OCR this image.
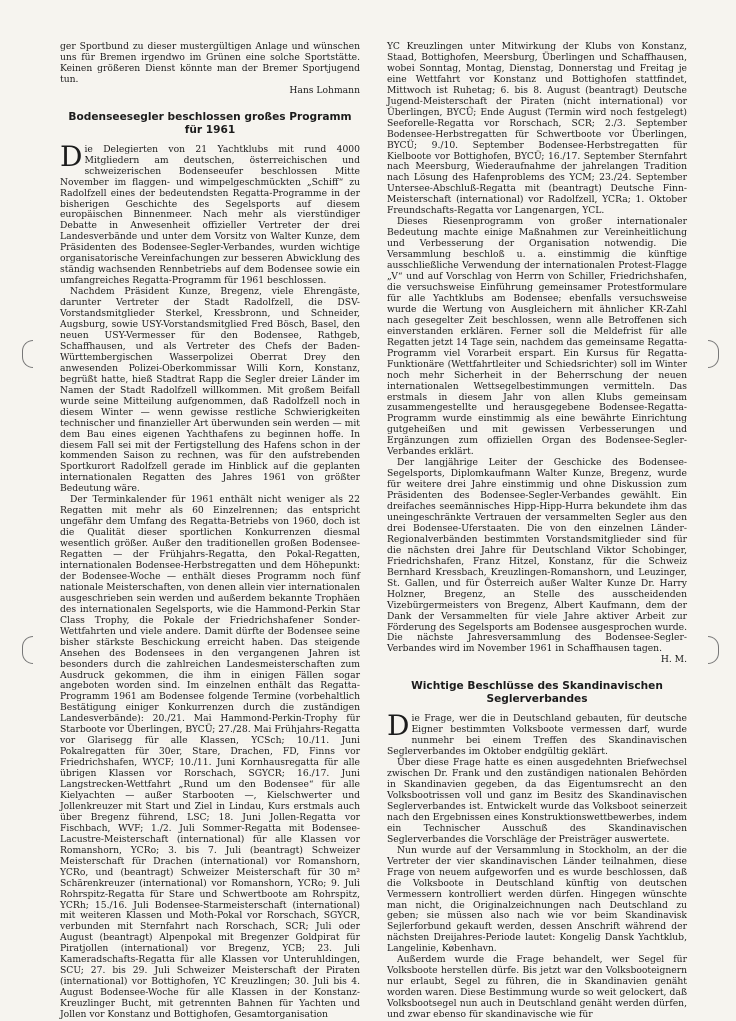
ger Sportbund zu dieser mustergültigen Anlage und wünschen uns für Bremen irgendwo im Grünen eine solche Sportstätte. Keinen größeren Dienst könnte man der Bremer Sportjugend tun.

Hans Lohmann

Bodenseesegler beschlossen großes Programm für 1961

Die Delegierten von 21 Yachtklubs mit rund 4000 Mitgliedern am deutschen, österreichischen und schweizerischen Bodenseeufer beschlossen Mitte November im flaggen- und wimpelgeschmückten „Schiff“ zu Radolfzell eines der bedeutendsten Regatta-Programme in der bisherigen Geschichte des Segelsports auf diesem europäischen Binnenmeer. Nach mehr als vierstündiger Debatte in Anwesenheit offizieller Vertreter der drei Landesverbände und unter dem Vorsitz von Walter Kunze, dem Präsidenten des Bodensee-Segler-Verbandes, wurden wichtige organisatorische Vereinfachungen zur besseren Abwicklung des ständig wachsenden Rennbetriebs auf dem Bodensee sowie ein umfangreiches Regatta-Programm für 1961 beschlossen.

Nachdem Präsident Kunze, Bregenz, viele Ehrengäste, darunter Vertreter der Stadt Radolfzell, die DSV-Vorstandsmitglieder Sterkel, Kressbronn, und Schneider, Augsburg, sowie USY-Vorstandsmitglied Fred Bösch, Basel, den neuen USY-Vermesser für den Bodensee, Rathgeb, Schaffhausen, und als Vertreter des Chefs der Baden-Württembergischen Wasserpolizei Oberrat Drey den anwesenden Polizei-Oberkommissar Willi Korn, Konstanz, begrüßt hatte, hieß Stadtrat Rapp die Segler dreier Länder im Namen der Stadt Radolfzell willkommen. Mit großem Beifall wurde seine Mitteilung aufgenommen, daß Radolfzell noch in diesem Winter — wenn gewisse restliche Schwierigkeiten technischer und finanzieller Art überwunden sein werden — mit dem Bau eines eigenen Yachthafens zu beginnen hoffe. In diesem Fall sei mit der Fertigstellung des Hafens schon in der kommenden Saison zu rechnen, was für den aufstrebenden Sportkurort Radolfzell gerade im Hinblick auf die geplanten internationalen Regatten des Jahres 1961 von größter Bedeutung wäre.

Der Terminkalender für 1961 enthält nicht weniger als 22 Regatten mit mehr als 60 Einzelrennen; das entspricht ungefähr dem Umfang des Regatta-Betriebs von 1960, doch ist die Qualität dieser sportlichen Konkurrenzen diesmal wesentlich größer. Außer den traditionellen großen Bodensee-Regatten — der Frühjahrs-Regatta, den Pokal-Regatten, internationalen Bodensee-Herbstregatten und dem Höhepunkt: der Bodensee-Woche — enthält dieses Programm noch fünf nationale Meisterschaften, von denen allein vier internationalen ausgeschrieben sein werden und außerdem bekannte Trophäen des internationalen Segelsports, wie die Hammond-Perkin Star Class Trophy, die Pokale der Friedrichshafener Sonder-Wettfahrten und viele andere. Damit dürfte der Bodensee seine bisher stärkste Beschickung erreicht haben. Das steigende Ansehen des Bodensees in den vergangenen Jahren ist besonders durch die zahlreichen Landesmeisterschaften zum Ausdruck gekommen, die ihm in einigen Fällen sogar angeboten worden sind. Im einzelnen enthält das Regatta-Programm 1961 am Bodensee folgende Termine (vorbehaltlich Bestätigung einiger Konkurrenzen durch die zuständigen Landesverbände): 20./21. Mai Hammond-Perkin-Trophy für Starboote vor Überlingen, BYCÜ; 27./28. Mai Frühjahrs-Regatta vor Glarisegg für alle Klassen, YCSch; 10./11. Juni Pokalregatten für 30er, Stare, Drachen, FD, Finns vor Friedrichshafen, WYCF; 10./11. Juni Kornhausregatta für alle übrigen Klassen vor Rorschach, SGYCR; 16./17. Juni Langstrecken-Wettfahrt „Rund um den Bodensee“ für alle Kielyachten — außer Starbooten —, Kielschwerter und Jollenkreuzer mit Start und Ziel in Lindau, Kurs erstmals auch über Bregenz führend, LSC; 18. Juni Jollen-Regatta vor Fischbach, WVF; 1./2. Juli Sommer-Regatta mit Bodensee-Lacustre-Meisterschaft (international) für alle Klassen vor Romanshorn, YCRo; 3. bis 7. Juli (beantragt) Schweizer Meisterschaft für Drachen (international) vor Romanshorn, YCRo, und (beantragt) Schweizer Meisterschaft für 30 m² Schärenkreuzer (international) vor Romanshorn, YCRo; 9. Juli Rohrspitz-Regatta für Stare und Schwertboote am Rohrspitz, YCRh; 15./16. Juli Bodensee-Starmeisterschaft (international) mit weiteren Klassen und Moth-Pokal vor Rorschach, SGYCR, verbunden mit Sternfahrt nach Rorschach, SCR; Juli oder August (beantragt) Alpenpokal mit Bregenzer Goldpirat für Piratjollen (international) vor Bregenz, YCB; 23. Juli Kameradschafts-Regatta für alle Klassen vor Unteruhldingen, SCU; 27. bis 29. Juli Schweizer Meisterschaft der Piraten (international) vor Bottighofen, YC Kreuzlingen; 30. Juli bis 4. August Bodensee-Woche für alle Klassen in der Konstanz-Kreuzlinger Bucht, mit getrennten Bahnen für Yachten und Jollen vor Konstanz und Bottighofen, Gesamtorganisation

YC Kreuzlingen unter Mitwirkung der Klubs von Konstanz, Staad, Bottighofen, Meersburg, Überlingen und Schaffhausen, wobei Sonntag, Montag, Dienstag, Donnerstag und Freitag je eine Wettfahrt vor Konstanz und Bottighofen stattfindet, Mittwoch ist Ruhetag; 6. bis 8. August (beantragt) Deutsche Jugend-Meisterschaft der Piraten (nicht international) vor Überlingen, BYCÜ; Ende August (Termin wird noch festgelegt) Seeforelle-Regatta vor Rorschach, SCR; 2./3. September Bodensee-Herbstregatten für Schwertboote vor Überlingen, BYCÜ; 9./10. September Bodensee-Herbstregatten für Kielboote vor Bottighofen, BYCÜ; 16./17. September Sternfahrt nach Meersburg, Wiederaufnahme der jahrelangen Tradition nach Lösung des Hafenproblems des YCM; 23./24. September Untersee-Abschluß-Regatta mit (beantragt) Deutsche Finn-Meisterschaft (international) vor Radolfzell, YCRa; 1. Oktober Freundschafts-Regatta vor Langenargen, YCL.

Dieses Riesenprogramm von großer internationaler Bedeutung machte einige Maßnahmen zur Vereinheitlichung und Verbesserung der Organisation notwendig. Die Versammlung beschloß u. a. einstimmig die künftige ausschließliche Verwendung der internationalen Protest-Flagge „V“ und auf Vorschlag von Herrn von Schiller, Friedrichshafen, die versuchsweise Einführung gemeinsamer Protestformulare für alle Yachtklubs am Bodensee; ebenfalls versuchsweise wurde die Wertung von Ausgleichern mit ähnlicher KR-Zahl nach gesegelter Zeit beschlossen, wenn alle Betroffenen sich einverstanden erklären. Ferner soll die Meldefrist für alle Regatten jetzt 14 Tage sein, nachdem das gemeinsame Regatta-Programm viel Vorarbeit erspart. Ein Kursus für Regatta-Funktionäre (Wettfahrtleiter und Schiedsrichter) soll im Winter noch mehr Sicherheit in der Beherrschung der neuen internationalen Wettsegelbestimmungen vermitteln. Das erstmals in diesem Jahr von allen Klubs gemeinsam zusammengestellte und herausgegebene Bodensee-Regatta-Programm wurde einstimmig als eine bewährte Einrichtung gutgeheißen und mit gewissen Verbesserungen und Ergänzungen zum offiziellen Organ des Bodensee-Segler-Verbandes erklärt.

Der langjährige Leiter der Geschicke des Bodensee-Segelsports, Diplomkaufmann Walter Kunze, Bregenz, wurde für weitere drei Jahre einstimmig und ohne Diskussion zum Präsidenten des Bodensee-Segler-Verbandes gewählt. Ein dreifaches seemännisches Hipp-Hipp-Hurra bekundete ihm das uneingeschränkte Vertrauen der versammelten Segler aus den drei Bodensee-Uferstaaten. Die von den einzelnen Länder-Regionalverbänden bestimmten Vorstandsmitglieder sind für die nächsten drei Jahre für Deutschland Viktor Schobinger, Friedrichshafen, Franz Hitzel, Konstanz, für die Schweiz Bernhard Kressbach, Kreuzlingen-Romanshorn, und Leuzinger, St. Gallen, und für Österreich außer Walter Kunze Dr. Harry Holzner, Bregenz, an Stelle des ausscheidenden Vizebürgermeisters von Bregenz, Albert Kaufmann, dem der Dank der Versammelten für viele Jahre aktiver Arbeit zur Förderung des Segelsports am Bodensee ausgesprochen wurde. Die nächste Jahresversammlung des Bodensee-Segler-Verbandes wird im November 1961 in Schaffhausen tagen.

H. M.

Wichtige Beschlüsse des Skandinavischen Seglerverbandes

Die Frage, wer die in Deutschland gebauten, für deutsche Eigner bestimmten Volksboote vermessen darf, wurde nunmehr bei einem Treffen des Skandinavischen Seglerverbandes im Oktober endgültig geklärt.

Über diese Frage hatte es einen ausgedehnten Briefwechsel zwischen Dr. Frank und den zuständigen nationalen Behörden in Skandinavien gegeben, da das Eigentumsrecht an den Volksbootrissen voll und ganz im Besitz des Skandinavischen Seglerverbandes ist. Entwickelt wurde das Volksboot seinerzeit nach den Ergebnissen eines Konstruktionswettbewerbes, indem ein Technischer Ausschuß des Skandinavischen Seglerverbandes die Vorschläge der Preisträger auswertete.

Nun wurde auf der Versammlung in Stockholm, an der die Vertreter der vier skandinavischen Länder teilnahmen, diese Frage von neuem aufgeworfen und es wurde beschlossen, daß die Volksboote in Deutschland künftig von deutschen Vermessern kontrolliert werden dürfen. Hingegen wünschte man nicht, die Originalzeichnungen nach Deutschland zu geben; sie müssen also nach wie vor beim Skandinavisk Sejlerforbund gekauft werden, dessen Anschrift während der nächsten Dreijahres-Periode lautet: Kongelig Dansk Yachtklub, Langelinie, København.

Außerdem wurde die Frage behandelt, wer Segel für Volksboote herstellen dürfe. Bis jetzt war den Volksbooteignern nur erlaubt, Segel zu führen, die in Skandinavien genäht worden waren. Diese Bestimmung wurde so weit gelockert, daß Volksbootsegel nun auch in Deutschland genäht werden dürfen, und zwar ebenso für skandinavische wie für
